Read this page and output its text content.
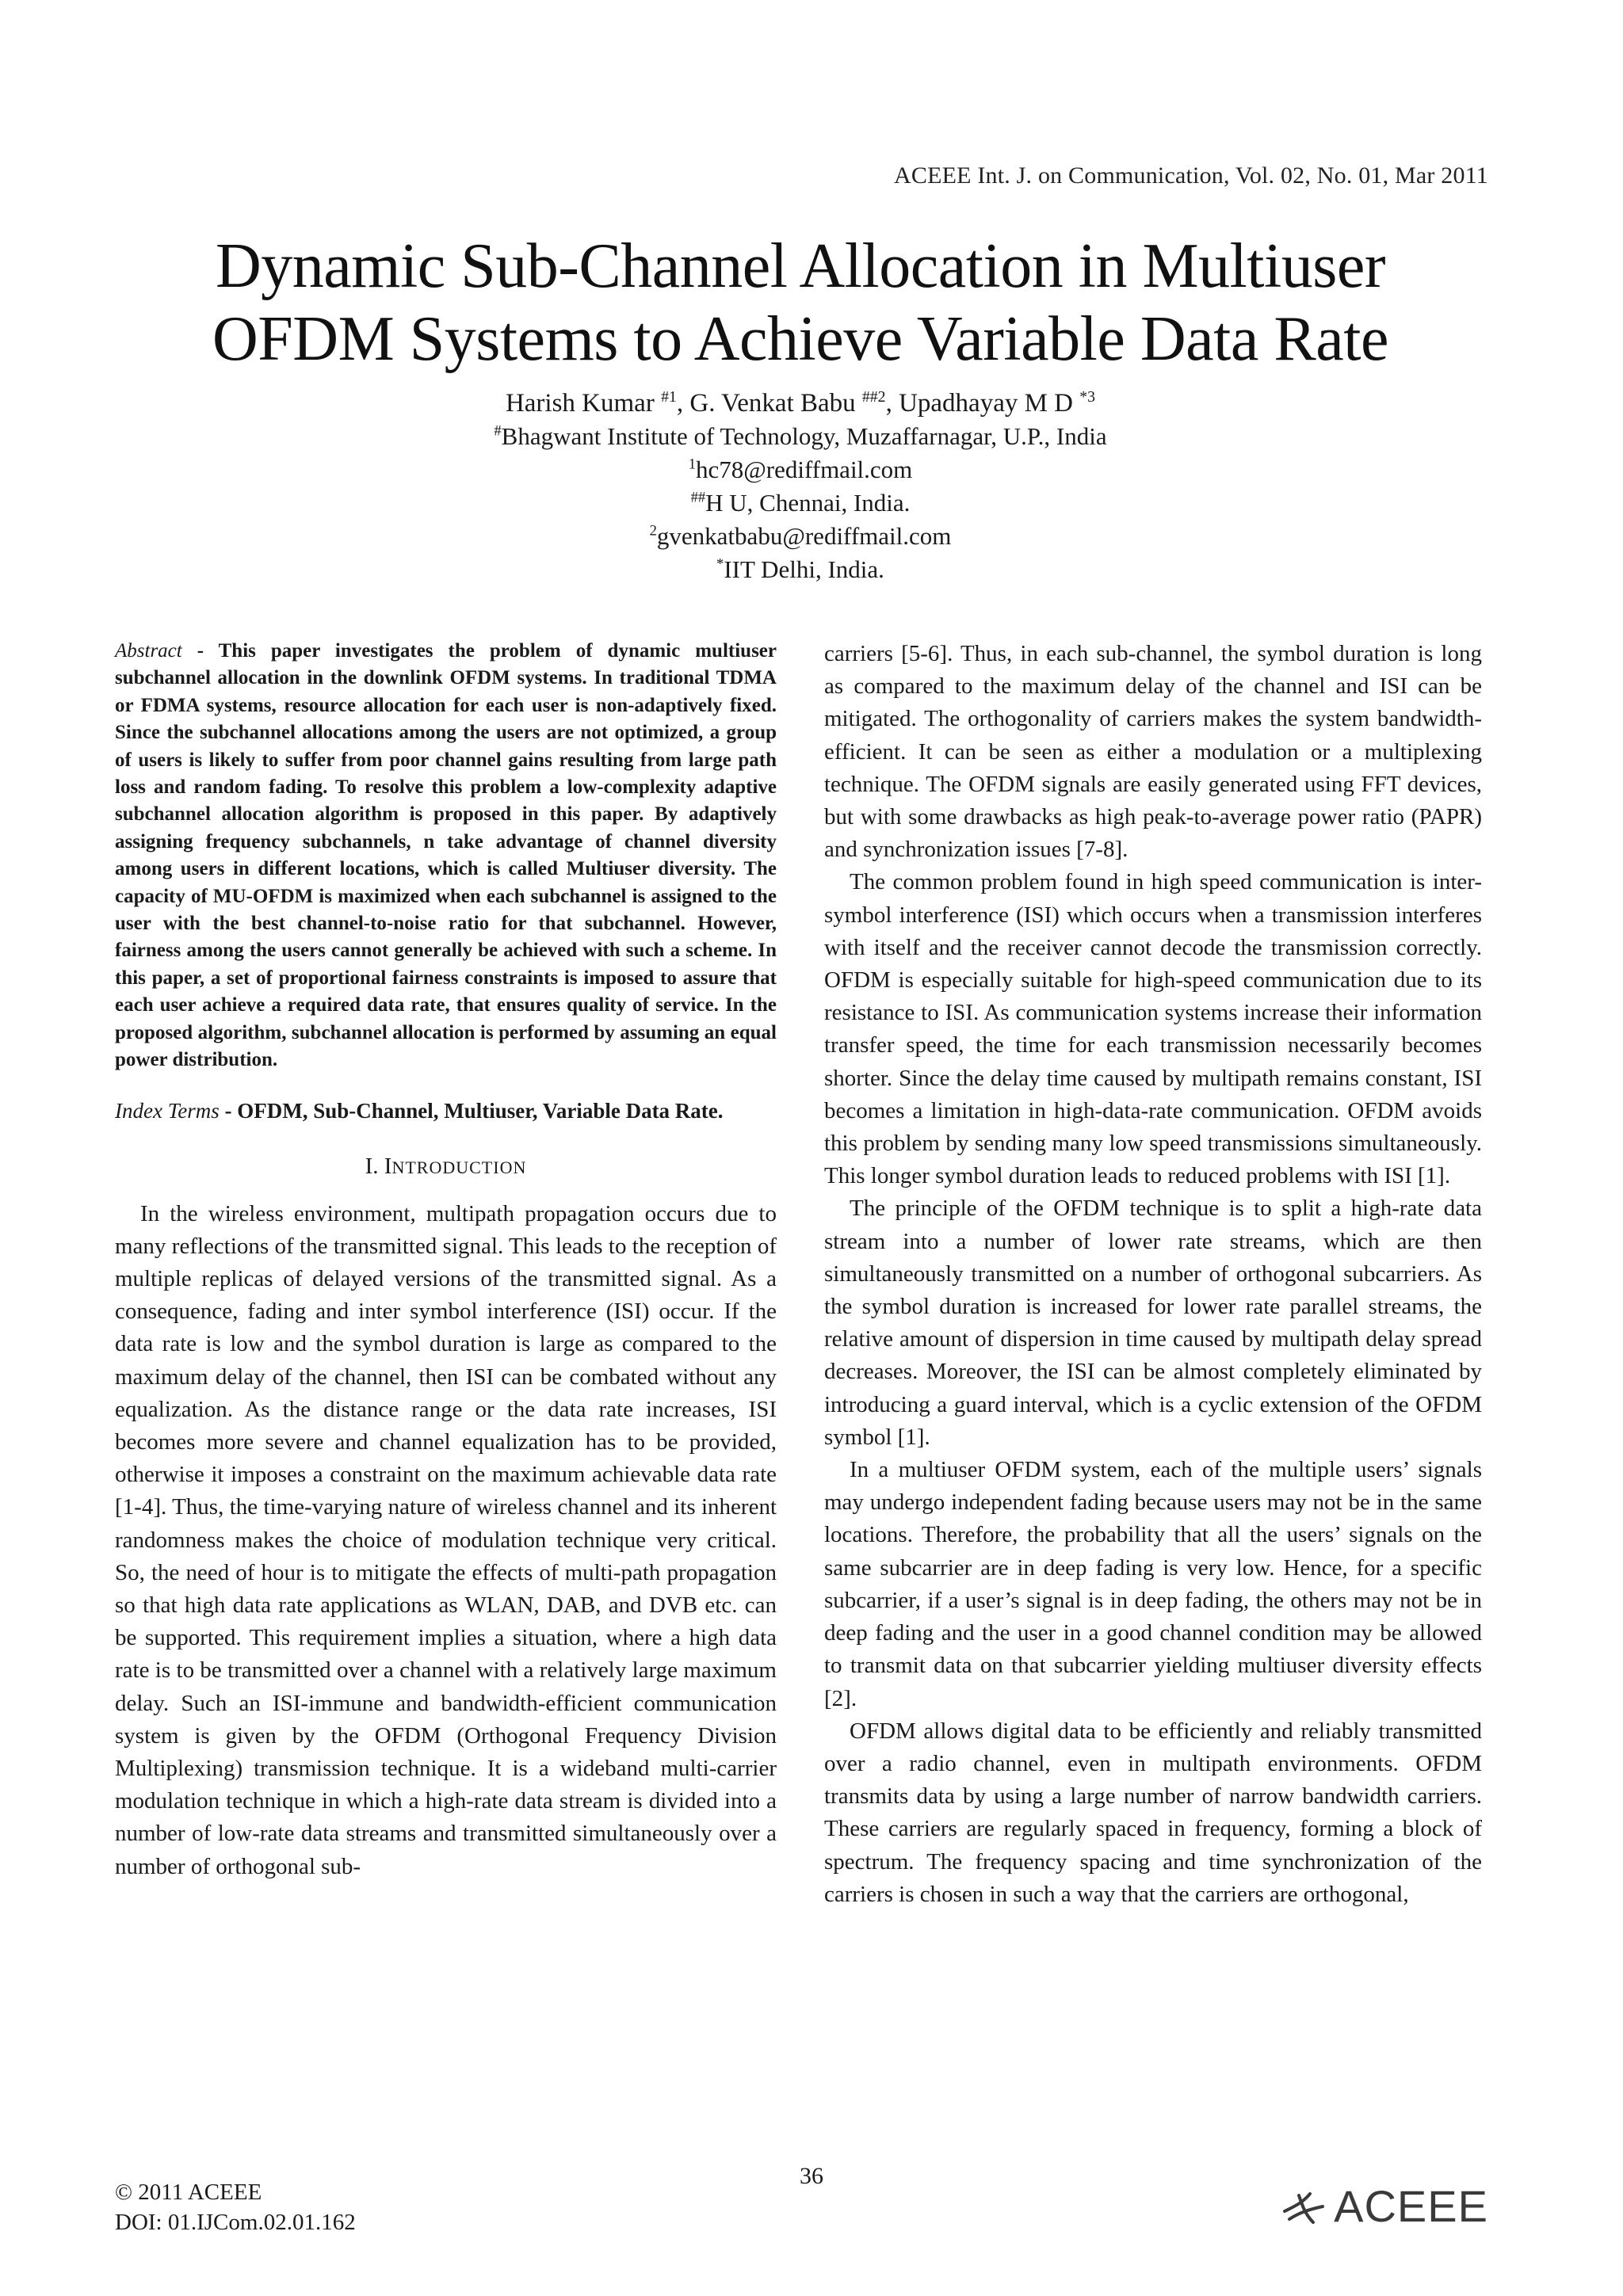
ACEEE Int. J. on Communication, Vol. 02, No. 01, Mar 2011
Dynamic Sub-Channel Allocation in Multiuser
OFDM Systems to Achieve Variable Data Rate
Harish Kumar $^{\#1}$, G. Venkat Babu $^{\#\#2}$, Upadhayay M D $^{*3}$
#Bhagwant Institute of Technology, Muzaffarnagar, U.P., India
$^1$hc78@rediffmail.com
##H U, Chennai, India.
$^2$gvenkatbabu@rediffmail.com
*IIT Delhi, India.

Abstract - This paper investigates the problem of dynamic multiuser subchannel allocation in the downlink OFDM systems. In traditional TDMA or FDMA systems, resource allocation for each user is non-adaptively fixed. Since the subchannel allocations among the users are not optimized, a group of users is likely to suffer from poor channel gains resulting from large path loss and random fading. To resolve this problem a low-complexity adaptive subchannel allocation algorithm is proposed in this paper. By adaptively assigning frequency subchannels, n take advantage of channel diversity among users in different locations, which is called Multiuser diversity. The capacity of MU-OFDM is maximized when each subchannel is assigned to the user with the best channel-to-noise ratio for that subchannel. However, fairness among the users cannot generally be achieved with such a scheme. In this paper, a set of proportional fairness constraints is imposed to assure that each user achieve a required data rate, that ensures quality of service. In the proposed algorithm, subchannel allocation is performed by assuming an equal power distribution.

Index Terms - OFDM, Sub-Channel, Multiuser, Variable Data Rate.

I. INTRODUCTION

In the wireless environment, multipath propagation occurs due to many reflections of the transmitted signal. This leads to the reception of multiple replicas of delayed versions of the transmitted signal. As a consequence, fading and inter symbol interference (ISI) occur. If the data rate is low and the symbol duration is large as compared to the maximum delay of the channel, then ISI can be combated without any equalization. As the distance range or the data rate increases, ISI becomes more severe and channel equalization has to be provided, otherwise it imposes a constraint on the maximum achievable data rate [1-4]. Thus, the time-varying nature of wireless channel and its inherent randomness makes the choice of modulation technique very critical. So, the need of hour is to mitigate the effects of multi-path propagation so that high data rate applications as WLAN, DAB, and DVB etc. can be supported. This requirement implies a situation, where a high data rate is to be transmitted over a channel with a relatively large maximum delay. Such an ISI-immune and bandwidth-efficient communication system is given by the OFDM (Orthogonal Frequency Division Multiplexing) transmission technique. It is a wideband multi-carrier modulation technique in which a high-rate data stream is divided into a number of low-rate data streams and transmitted simultaneously over a number of orthogonal sub-

carriers [5-6]. Thus, in each sub-channel, the symbol duration is long as compared to the maximum delay of the channel and ISI can be mitigated. The orthogonality of carriers makes the system bandwidth-efficient. It can be seen as either a modulation or a multiplexing technique. The OFDM signals are easily generated using FFT devices, but with some drawbacks as high peak-to-average power ratio (PAPR) and synchronization issues [7-8].

The common problem found in high speed communication is inter-symbol interference (ISI) which occurs when a transmission interferes with itself and the receiver cannot decode the transmission correctly. OFDM is especially suitable for high-speed communication due to its resistance to ISI. As communication systems increase their information transfer speed, the time for each transmission necessarily becomes shorter. Since the delay time caused by multipath remains constant, ISI becomes a limitation in high-data-rate communication. OFDM avoids this problem by sending many low speed transmissions simultaneously. This longer symbol duration leads to reduced problems with ISI [1].

The principle of the OFDM technique is to split a high-rate data stream into a number of lower rate streams, which are then simultaneously transmitted on a number of orthogonal subcarriers. As the symbol duration is increased for lower rate parallel streams, the relative amount of dispersion in time caused by multipath delay spread decreases. Moreover, the ISI can be almost completely eliminated by introducing a guard interval, which is a cyclic extension of the OFDM symbol [1].

In a multiuser OFDM system, each of the multiple users’ signals may undergo independent fading because users may not be in the same locations. Therefore, the probability that all the users’ signals on the same subcarrier are in deep fading is very low. Hence, for a specific subcarrier, if a user’s signal is in deep fading, the others may not be in deep fading and the user in a good channel condition may be allowed to transmit data on that subcarrier yielding multiuser diversity effects [2].

OFDM allows digital data to be efficiently and reliably transmitted over a radio channel, even in multipath environments. OFDM transmits data by using a large number of narrow bandwidth carriers. These carriers are regularly spaced in frequency, forming a block of spectrum. The frequency spacing and time synchronization of the carriers is chosen in such a way that the carriers are orthogonal,

© 2011 ACEEE
DOI: 01.IJCom.02.01.162
36
ACEEE
